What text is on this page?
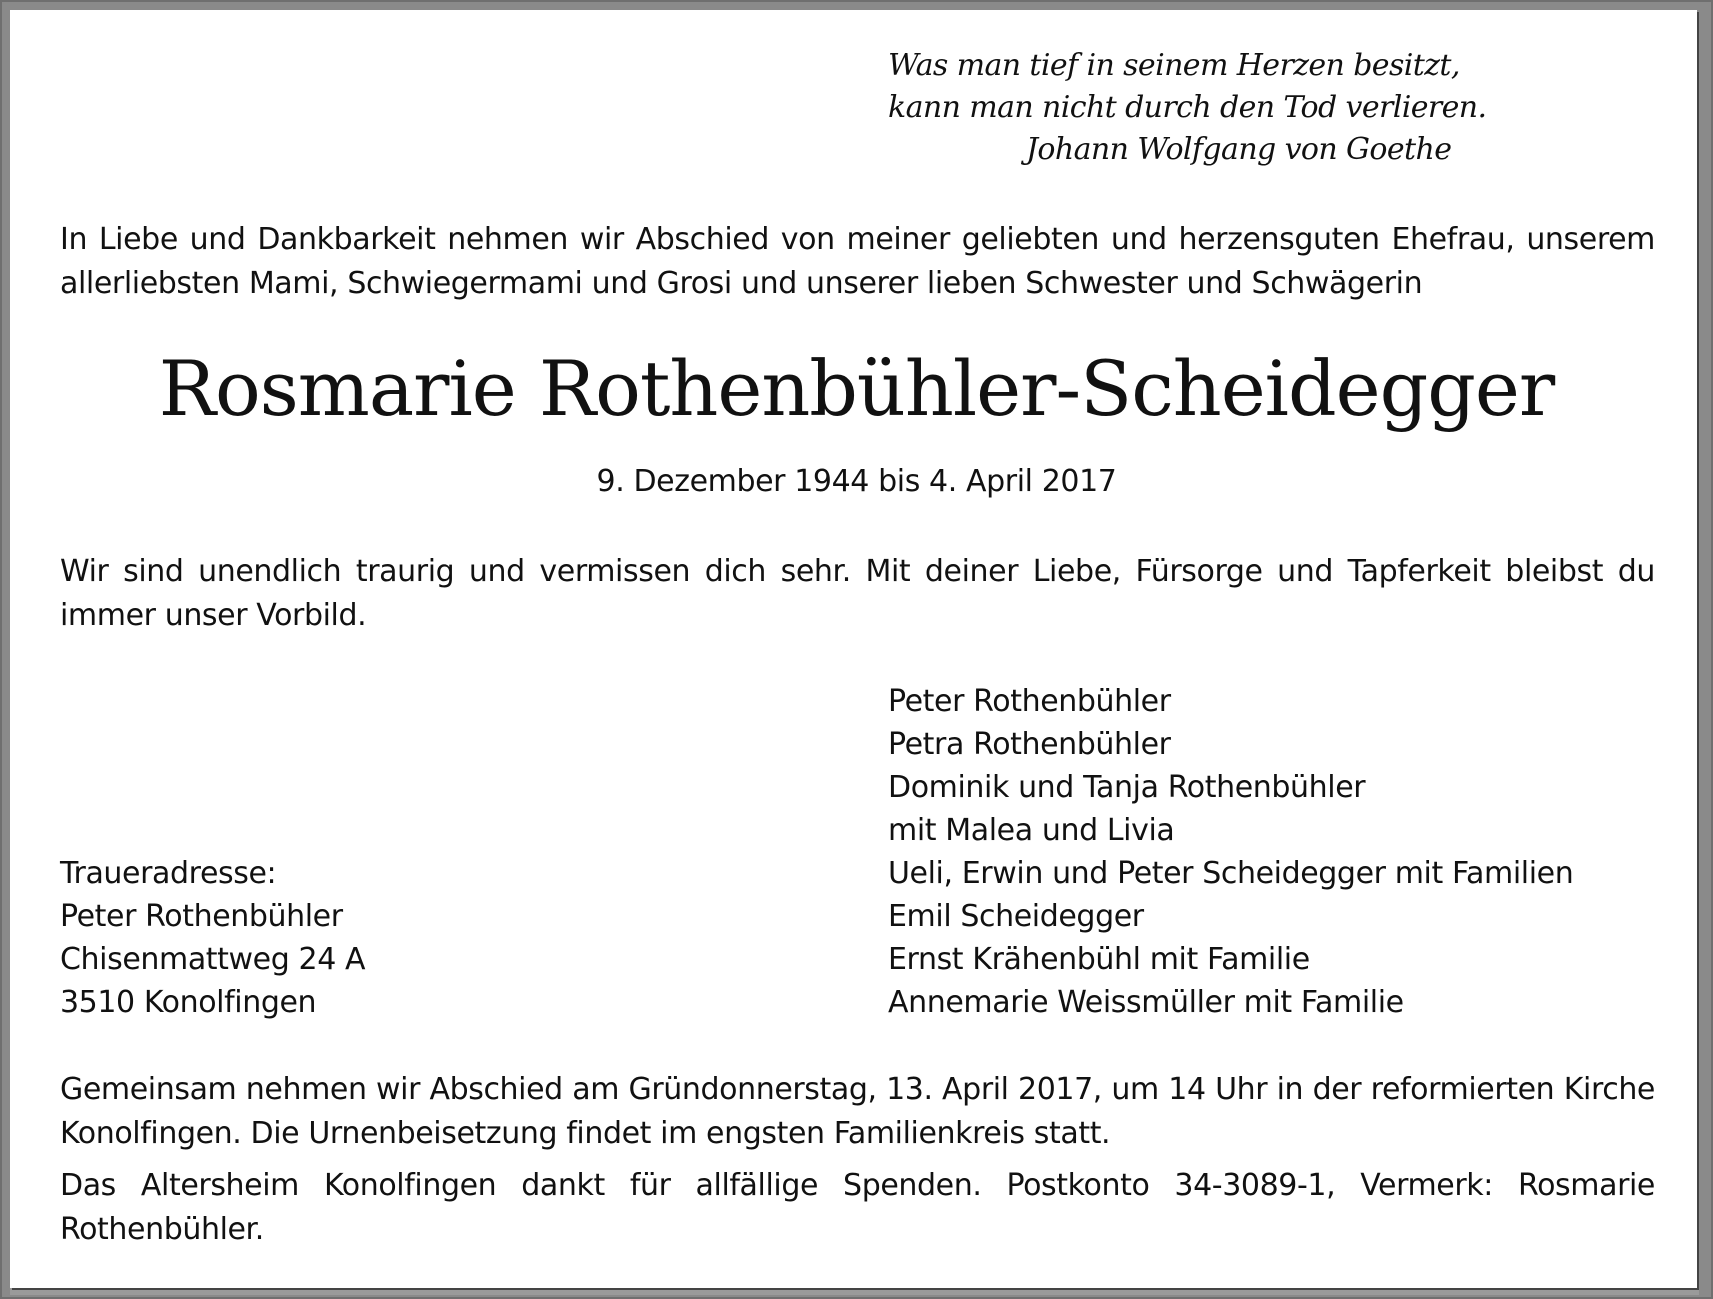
Was man tief in seinem Herzen besitzt,
kann man nicht durch den Tod verlieren.
Johann Wolfgang von Goethe
In Liebe und Dankbarkeit nehmen wir Abschied von meiner geliebten und herzensguten Ehefrau, unserem allerliebsten Mami, Schwiegermami und Grosi und unserer lieben Schwester und Schwägerin
Rosmarie Rothenbühler-Scheidegger
9. Dezember 1944 bis 4. April 2017
Wir sind unendlich traurig und vermissen dich sehr. Mit deiner Liebe, Fürsorge und Tapferkeit bleibst du immer unser Vorbild.
Peter Rothenbühler
Petra Rothenbühler
Dominik und Tanja Rothenbühler
mit Malea und Livia
Ueli, Erwin und Peter Scheidegger mit Familien
Emil Scheidegger
Ernst Krähenbühl mit Familie
Annemarie Weissmüller mit Familie
Traueradresse:
Peter Rothenbühler
Chisenmattweg 24 A
3510 Konolfingen
Gemeinsam nehmen wir Abschied am Gründonnerstag, 13. April 2017, um 14 Uhr in der reformierten Kirche Konolfingen. Die Urnenbeisetzung findet im engsten Familienkreis statt.
Das Altersheim Konolfingen dankt für allfällige Spenden. Postkonto 34-3089-1, Vermerk: Rosmarie Rothenbühler.
